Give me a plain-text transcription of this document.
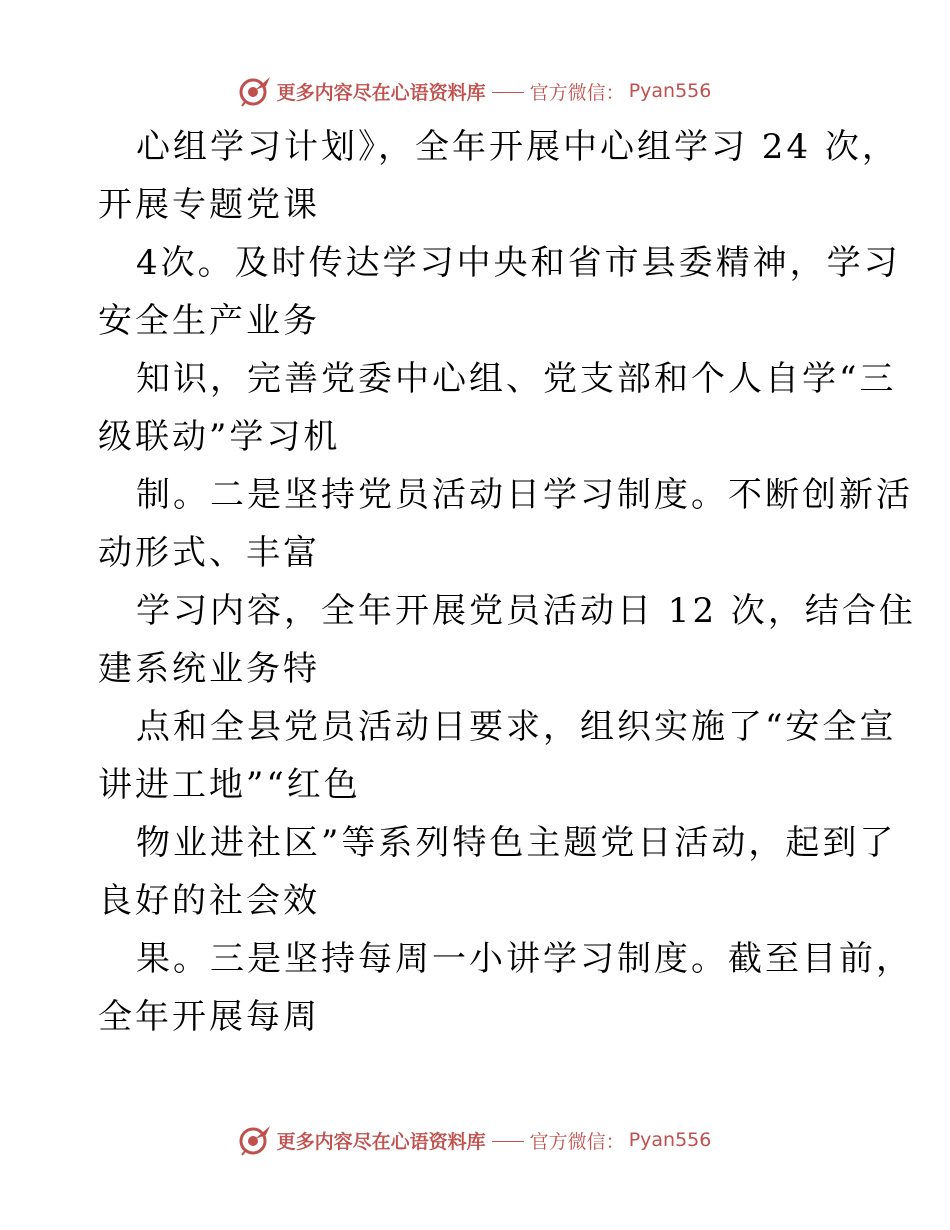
更多内容尽在心语资料库 官方微信： Pyan556
心组学习计划》，全年开展中心组学习 24 次，
开展专题党课
4次。及时传达学习中央和省市县委精神，学习
安全生产业务
知识，完善党委中心组、党支部和个人自学“三
级联动”学习机
制。二是坚持党员活动日学习制度。不断创新活
动形式、丰富
学习内容，全年开展党员活动日 12 次，结合住
建系统业务特
点和全县党员活动日要求，组织实施了“安全宣
讲进工地”“红色
物业进社区”等系列特色主题党日活动，起到了
良好的社会效
果。三是坚持每周一小讲学习制度。截至目前，
全年开展每周
更多内容尽在心语资料库 官方微信： Pyan556
